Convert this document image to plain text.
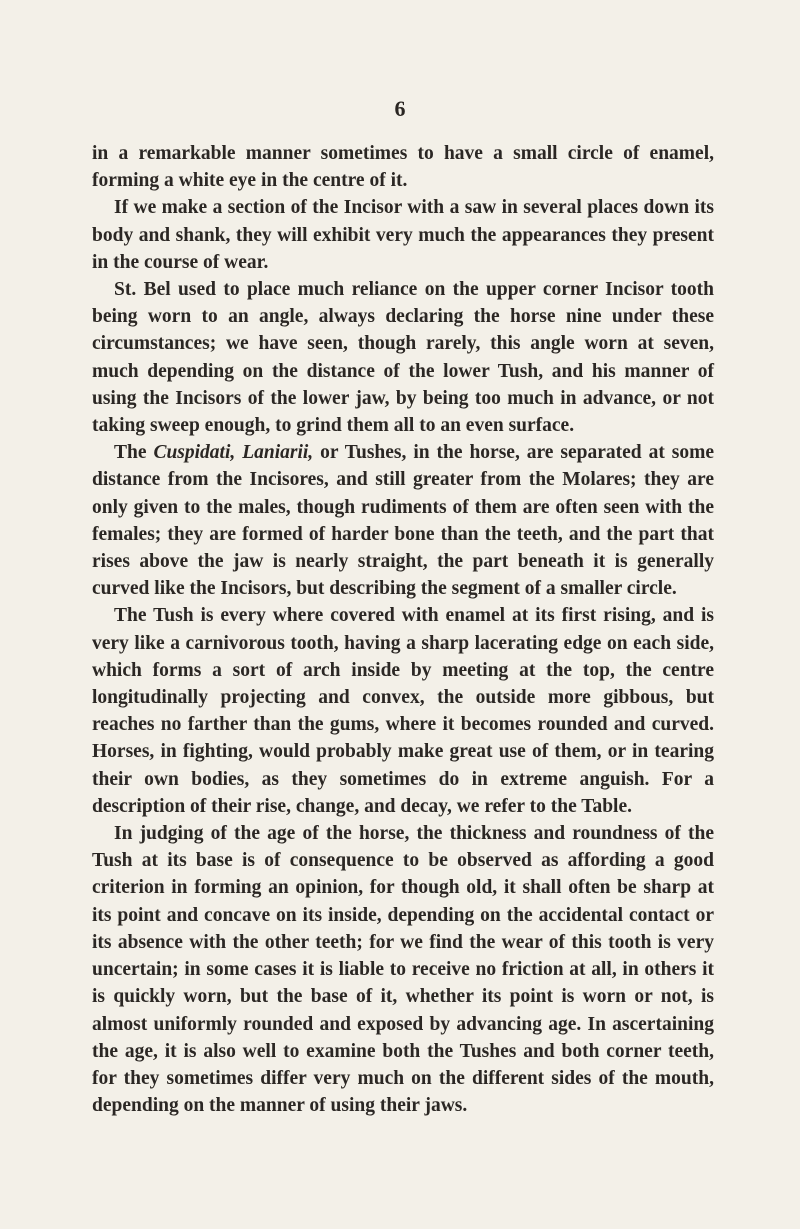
6

in a remarkable manner sometimes to have a small circle of enamel, forming a white eye in the centre of it.

If we make a section of the Incisor with a saw in several places down its body and shank, they will exhibit very much the appearances they present in the course of wear.

St. Bel used to place much reliance on the upper corner Incisor tooth being worn to an angle, always declaring the horse nine under these circumstances; we have seen, though rarely, this angle worn at seven, much depending on the distance of the lower Tush, and his manner of using the Incisors of the lower jaw, by being too much in advance, or not taking sweep enough, to grind them all to an even surface.

The Cuspidati, Laniarii, or Tushes, in the horse, are separated at some distance from the Incisores, and still greater from the Molares; they are only given to the males, though rudiments of them are often seen with the females; they are formed of harder bone than the teeth, and the part that rises above the jaw is nearly straight, the part beneath it is generally curved like the Incisors, but describing the segment of a smaller circle.

The Tush is every where covered with enamel at its first rising, and is very like a carnivorous tooth, having a sharp lacerating edge on each side, which forms a sort of arch inside by meeting at the top, the centre longitudinally projecting and convex, the outside more gibbous, but reaches no farther than the gums, where it becomes rounded and curved. Horses, in fighting, would probably make great use of them, or in tearing their own bodies, as they sometimes do in extreme anguish. For a description of their rise, change, and decay, we refer to the Table.

In judging of the age of the horse, the thickness and roundness of the Tush at its base is of consequence to be observed as affording a good criterion in forming an opinion, for though old, it shall often be sharp at its point and concave on its inside, depending on the accidental contact or its absence with the other teeth; for we find the wear of this tooth is very uncertain; in some cases it is liable to receive no friction at all, in others it is quickly worn, but the base of it, whether its point is worn or not, is almost uniformly rounded and exposed by advancing age. In ascertaining the age, it is also well to examine both the Tushes and both corner teeth, for they sometimes differ very much on the different sides of the mouth, depending on the manner of using their jaws.
